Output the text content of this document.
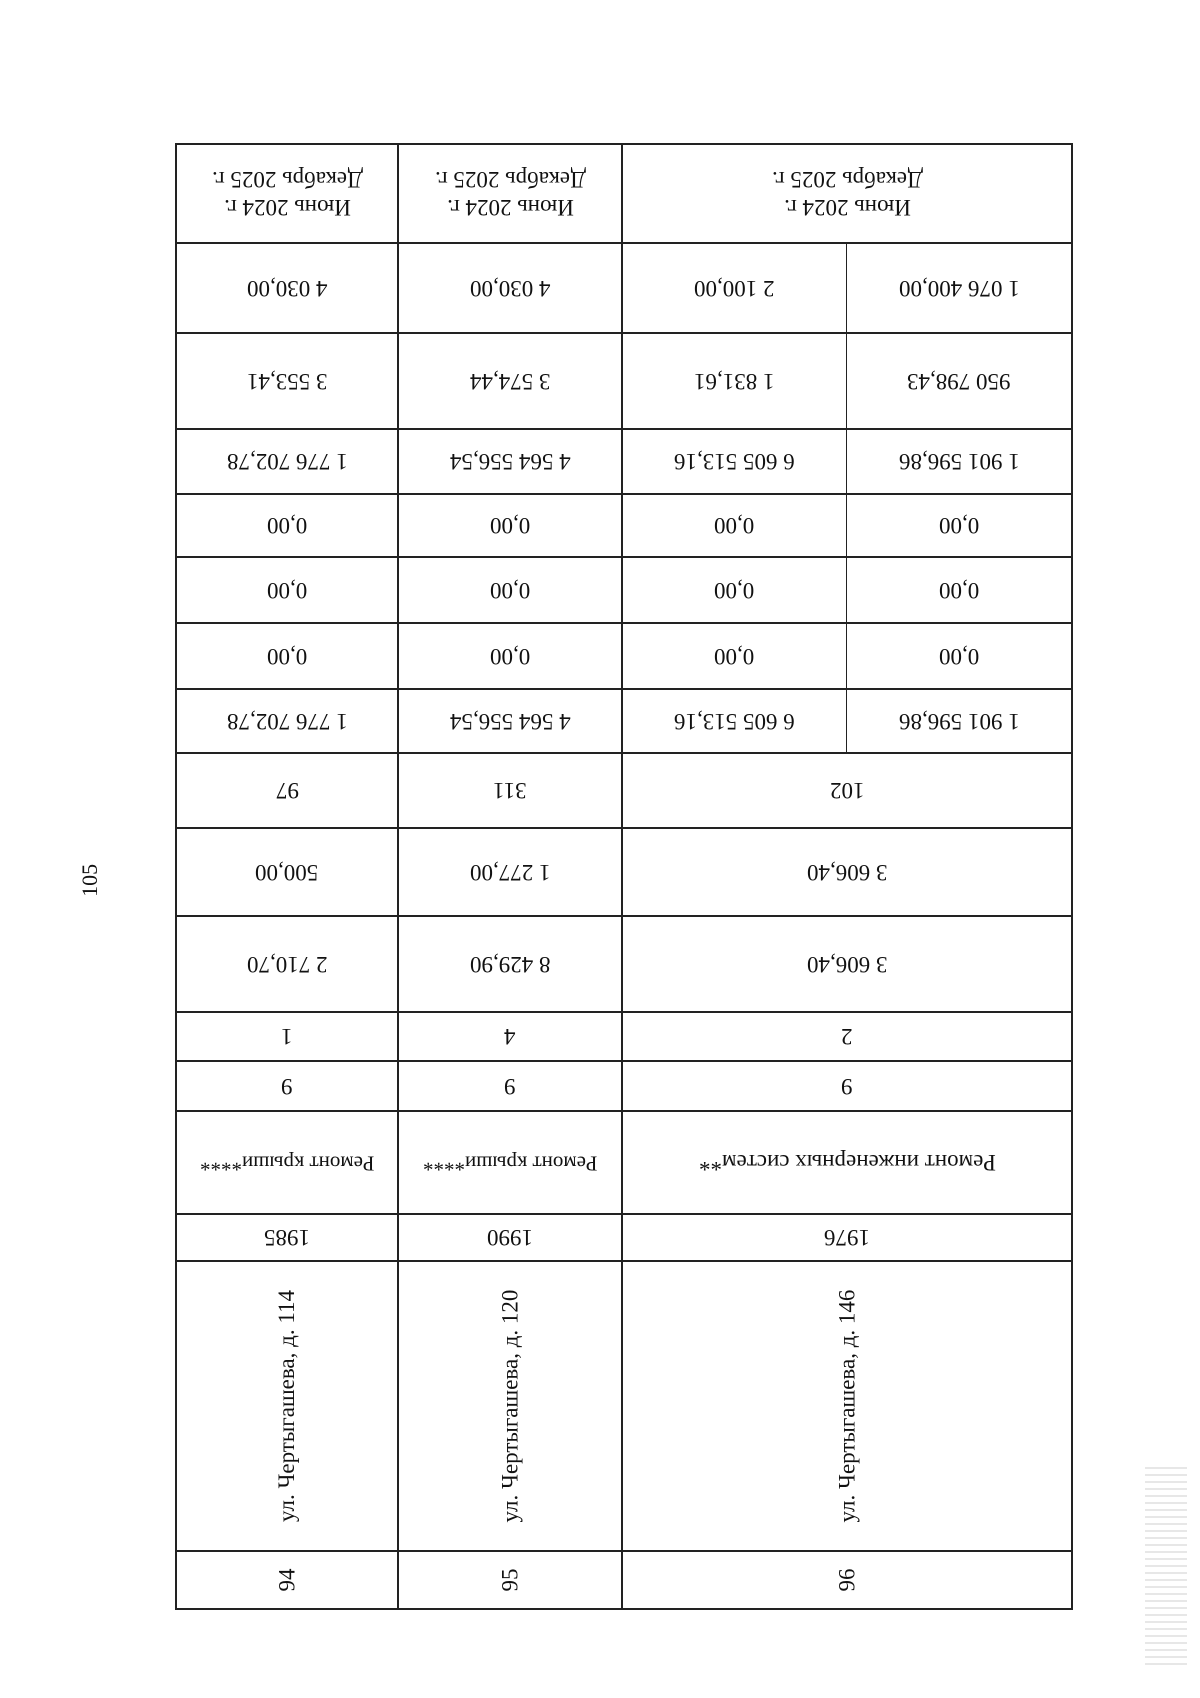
105
Июнь 2024 г.
Декабрь 2025 г.
4 030,00
3 553,41
1 776 702,78
0,00
0,00
0,00
1 776 702,78
97
500,00
2 710,70
1
9
Ремонт крыши****
1985
ул. Чертыгашева, д. 114
94
Июнь 2024 г.
Декабрь 2025 г.
4 030,00
3 574,44
4 564 556,54
0,00
0,00
0,00
4 564 556,54
311
1 277,00
8 429,90
4
9
Ремонт крыши****
1990
ул. Чертыгашева, д. 120
95
Июнь 2024 г.
Декабрь 2025 г.
2 100,00
1 831,61
6 605 513,16
0,00
0,00
0,00
6 605 513,16
1 076 400,00
950 798,43
1 901 596,86
0,00
0,00
0,00
1 901 596,86
102
3 606,40
3 606,40
2
9
Ремонт инженерных систем**
1976
ул. Чертыгашева, д. 146
96
